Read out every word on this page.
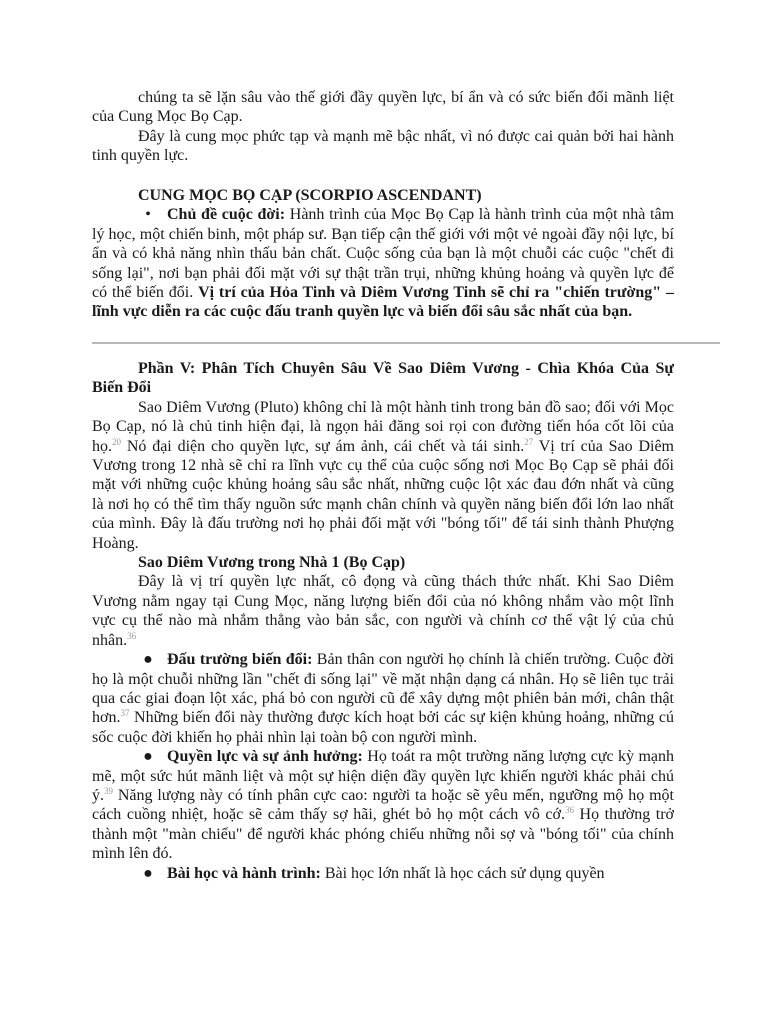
chúng ta sẽ lặn sâu vào thế giới đầy quyền lực, bí ẩn và có sức biến đổi mãnh liệt của Cung Mọc Bọ Cạp.

Đây là cung mọc phức tạp và mạnh mẽ bậc nhất, vì nó được cai quản bởi hai hành tinh quyền lực.

CUNG MỌC BỌ CẠP (SCORPIO ASCENDANT)

•	Chủ đề cuộc đời: Hành trình của Mọc Bọ Cạp là hành trình của một nhà tâm lý học, một chiến binh, một pháp sư. Bạn tiếp cận thế giới với một vẻ ngoài đầy nội lực, bí ẩn và có khả năng nhìn thấu bản chất. Cuộc sống của bạn là một chuỗi các cuộc "chết đi sống lại", nơi bạn phải đối mặt với sự thật trần trụi, những khủng hoảng và quyền lực để có thể biến đổi. Vị trí của Hỏa Tinh và Diêm Vương Tinh sẽ chỉ ra "chiến trường" – lĩnh vực diễn ra các cuộc đấu tranh quyền lực và biến đổi sâu sắc nhất của bạn.

Phần V: Phân Tích Chuyên Sâu Về Sao Diêm Vương - Chìa Khóa Của Sự Biến Đổi

Sao Diêm Vương (Pluto) không chỉ là một hành tinh trong bản đồ sao; đối với Mọc Bọ Cạp, nó là chủ tinh hiện đại, là ngọn hải đăng soi rọi con đường tiến hóa cốt lõi của họ.$^{20}$ Nó đại diện cho quyền lực, sự ám ảnh, cái chết và tái sinh.$^{27}$ Vị trí của Sao Diêm Vương trong 12 nhà sẽ chỉ ra lĩnh vực cụ thể của cuộc sống nơi Mọc Bọ Cạp sẽ phải đối mặt với những cuộc khủng hoảng sâu sắc nhất, những cuộc lột xác đau đớn nhất và cũng là nơi họ có thể tìm thấy nguồn sức mạnh chân chính và quyền năng biến đổi lớn lao nhất của mình. Đây là đấu trường nơi họ phải đối mặt với "bóng tối" để tái sinh thành Phượng Hoàng.

Sao Diêm Vương trong Nhà 1 (Bọ Cạp)

Đây là vị trí quyền lực nhất, cô đọng và cũng thách thức nhất. Khi Sao Diêm Vương nằm ngay tại Cung Mọc, năng lượng biến đổi của nó không nhắm vào một lĩnh vực cụ thể nào mà nhắm thẳng vào bản sắc, con người và chính cơ thể vật lý của chủ nhân.$^{36}$

● Đấu trường biến đổi: Bản thân con người họ chính là chiến trường. Cuộc đời họ là một chuỗi những lần "chết đi sống lại" về mặt nhận dạng cá nhân. Họ sẽ liên tục trải qua các giai đoạn lột xác, phá bỏ con người cũ để xây dựng một phiên bản mới, chân thật hơn.$^{37}$ Những biến đổi này thường được kích hoạt bởi các sự kiện khủng hoảng, những cú sốc cuộc đời khiến họ phải nhìn lại toàn bộ con người mình.

● Quyền lực và sự ảnh hưởng: Họ toát ra một trường năng lượng cực kỳ mạnh mẽ, một sức hút mãnh liệt và một sự hiện diện đầy quyền lực khiến người khác phải chú ý.$^{39}$ Năng lượng này có tính phân cực cao: người ta hoặc sẽ yêu mến, ngưỡng mộ họ một cách cuồng nhiệt, hoặc sẽ cảm thấy sợ hãi, ghét bỏ họ một cách vô cớ.$^{36}$ Họ thường trở thành một "màn chiếu" để người khác phóng chiếu những nỗi sợ và "bóng tối" của chính mình lên đó.

● Bài học và hành trình: Bài học lớn nhất là học cách sử dụng quyền
